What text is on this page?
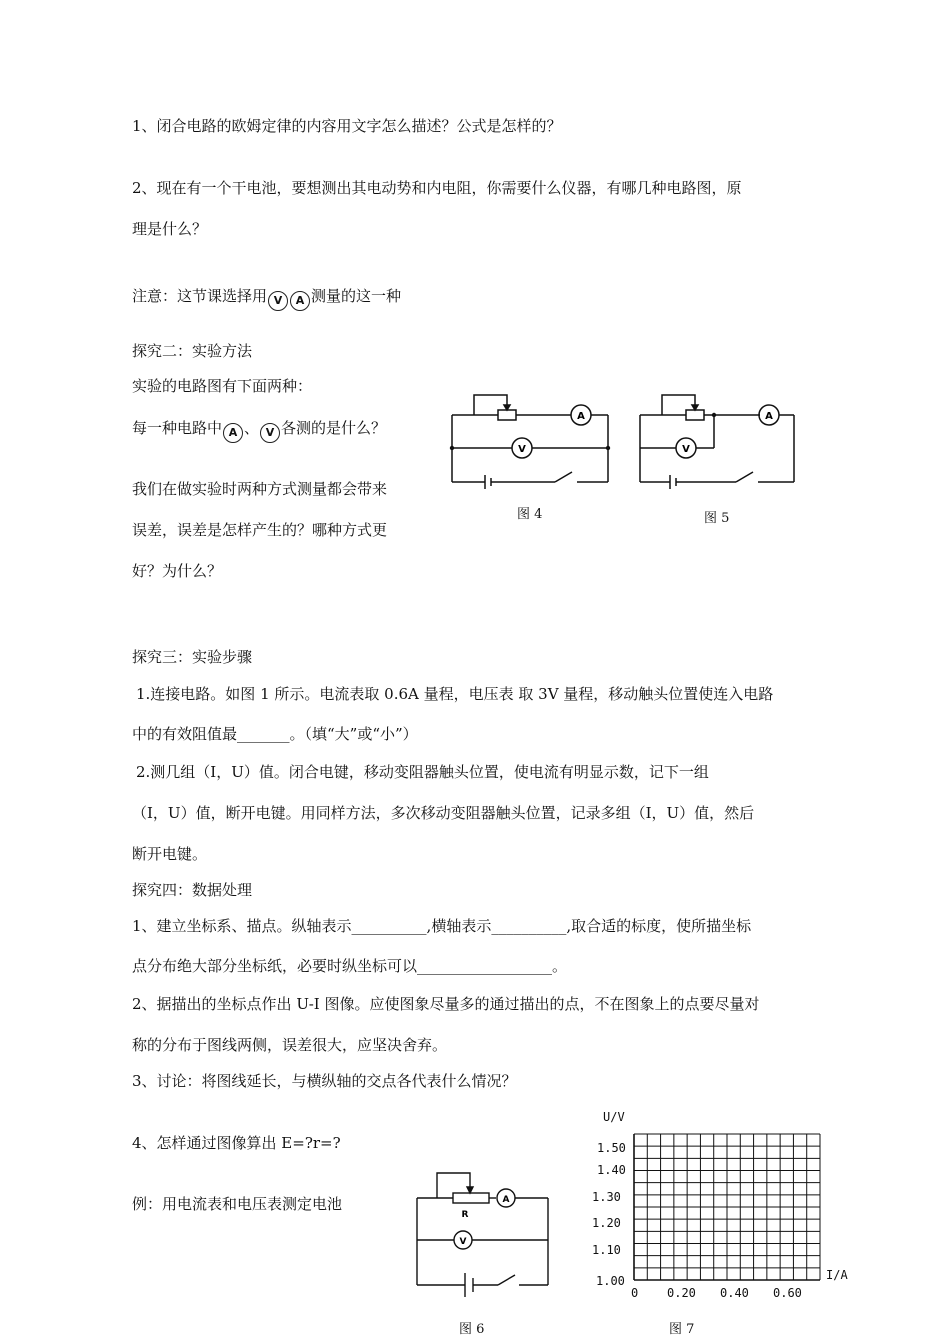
1、闭合电路的欧姆定律的内容用文字怎么描述？公式是怎样的？
2、现在有一个干电池，要想测出其电动势和内电阻，你需要什么仪器，有哪几种电路图，原
理是什么？
注意：这节课选择用 V A 测量的这一种
探究二：实验方法
实验的电路图有下面两种：
每一种电路中 A 、 V 各测的是什么？
我们在做实验时两种方式测量都会带来
误差，误差是怎样产生的？哪种方式更
好？为什么？
A
V
图 4
A
V
图 5
探究三：实验步骤
1.连接电路。如图 1 所示。电流表取 0.6A 量程，电压表 取 3V 量程，移动触头位置使连入电路
中的有效阻值最_______。（填“大”或“小”）
2.测几组（I，U）值。闭合电键，移动变阻器触头位置，使电流有明显示数，记下一组
（I，U）值，断开电键。用同样方法，多次移动变阻器触头位置，记录多组（I，U）值，然后
断开电键。
探究四：数据处理
1、建立坐标系、描点。纵轴表示__________,横轴表示__________,取合适的标度，使所描坐标
点分布绝大部分坐标纸，必要时纵坐标可以__________________。
2、据描出的坐标点作出 U-I 图像。应使图象尽量多的通过描出的点，不在图象上的点要尽量对
称的分布于图线两侧，误差很大，应坚决舍弃。
3、讨论：将图线延长，与横纵轴的交点各代表什么情况？
4、怎样通过图像算出 E=?r=?
例：用电流表和电压表测定电池	A
V
R
图 6
U/V
1.50
1.40
1.30
1.20
1.10
1.00
0 0.20 0.40 0.60
I/A
图 7
